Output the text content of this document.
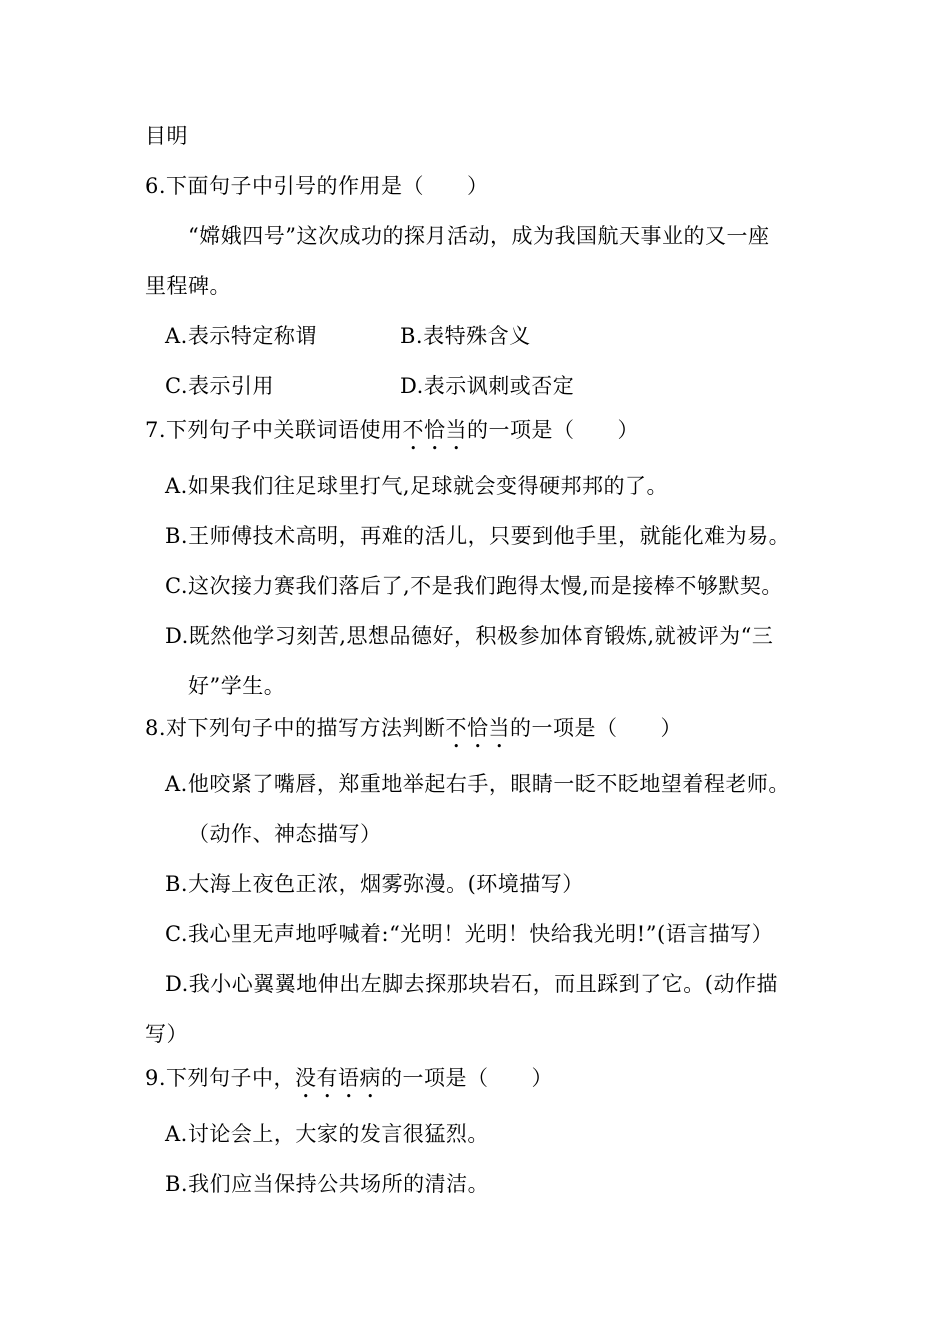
目明
6.下面句子中引号的作用是（　　）
“嫦娥四号”这次成功的探月活动，成为我国航天事业的又一座
里程碑。
A.表示特定称谓	B.表特殊含义
C.表示引用	D.表示讽刺或否定
7.下列句子中关联词语使用不恰当的一项是（　　）
A.如果我们往足球里打气,足球就会变得硬邦邦的了。
B.王师傅技术高明，再难的活儿，只要到他手里，就能化难为易。
C.这次接力赛我们落后了,不是我们跑得太慢,而是接棒不够默契。
D.既然他学习刻苦,思想品德好，积极参加体育锻炼,就被评为“三
好”学生。
8.对下列句子中的描写方法判断不恰当的一项是（　　）
A.他咬紧了嘴唇，郑重地举起右手，眼睛一眨不眨地望着程老师。
（动作、神态描写）
B.大海上夜色正浓，烟雾弥漫。(环境描写）
C.我心里无声地呼喊着:“光明！光明！快给我光明!”(语言描写）
D.我小心翼翼地伸出左脚去探那块岩石，而且踩到了它。(动作描
写）
9.下列句子中，没有语病的一项是（　　）
A.讨论会上，大家的发言很猛烈。
B.我们应当保持公共场所的清洁。
